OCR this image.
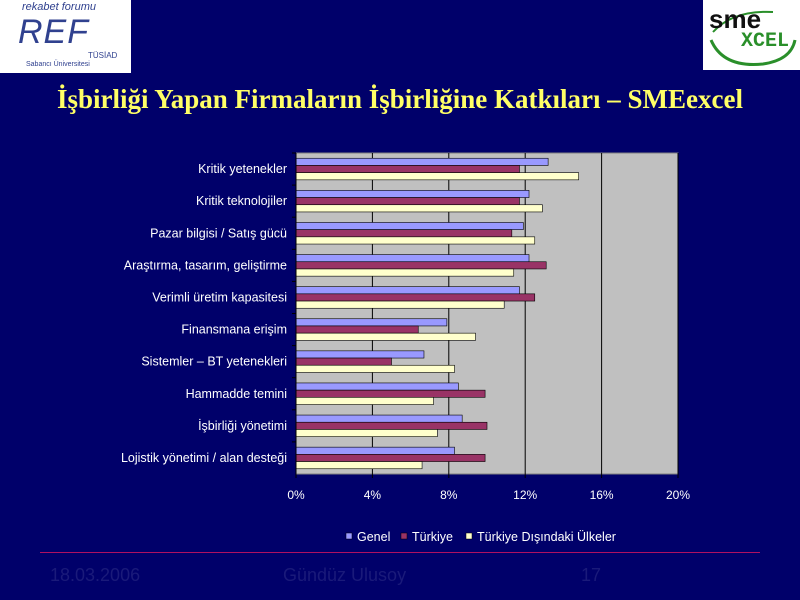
rekabet forumu
REF
TÜSİAD
Sabancı Üniversitesi
sme
XCEL
İşbirliği Yapan Firmaların İşbirliğine Katkıları – SMEexcel
Kritik yetenekler
Kritik teknolojiler
Pazar bilgisi / Satış gücü
Araştırma, tasarım, geliştirme
Verimli üretim kapasitesi
Finansmana erişim
Sistemler – BT yetenekleri
Hammadde temini
İşbirliği yönetimi
Lojistik yönetimi / alan desteği
0%	4%	8%	12%	16%	20%
Genel Türkiye Türkiye Dışındaki Ülkeler
18.03.2006	Gündüz Ulusoy	17
